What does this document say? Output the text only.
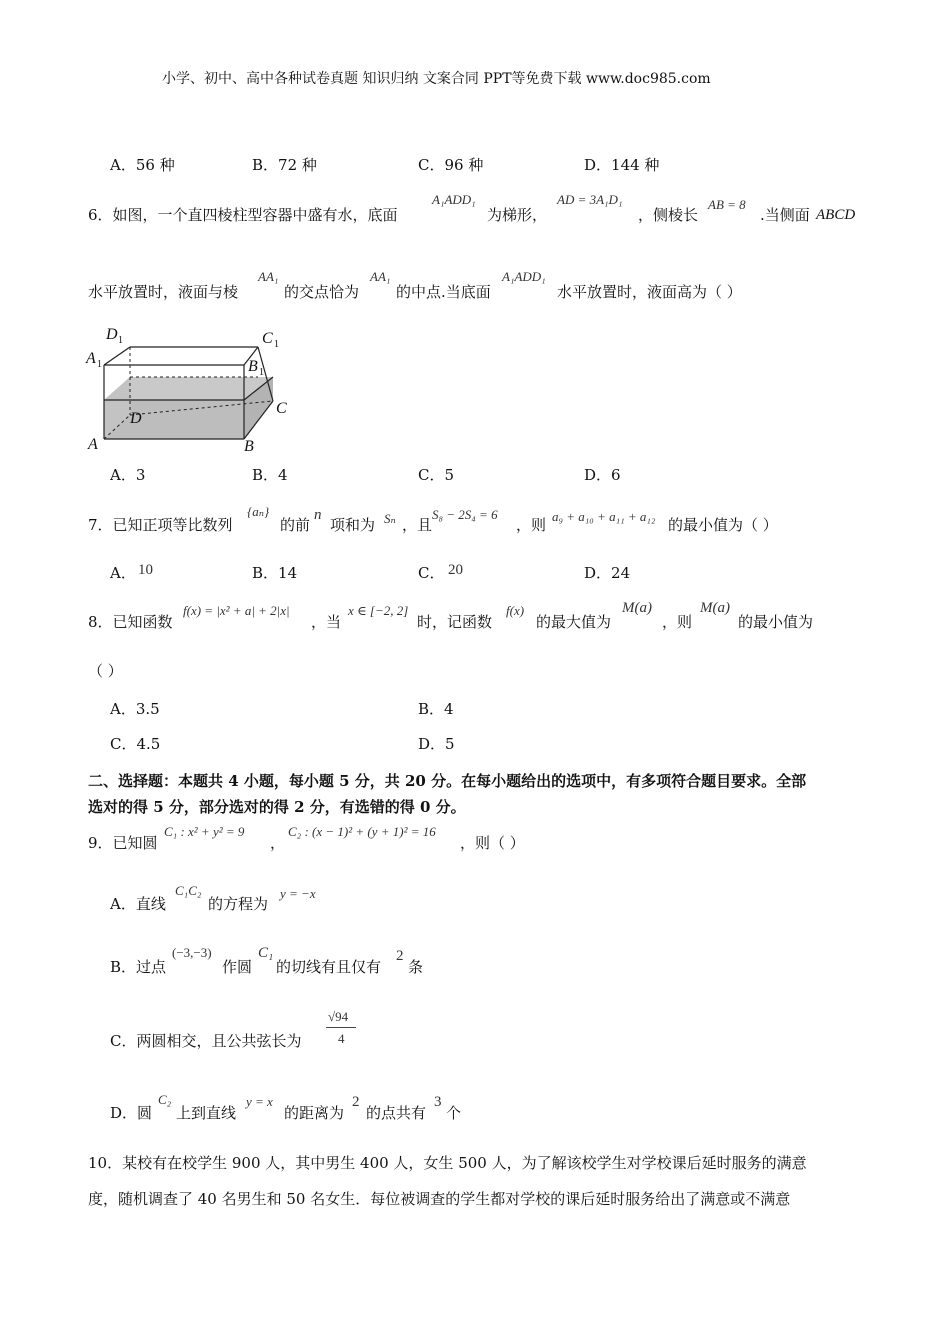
小学、初中、高中各种试卷真题 知识归纳 文案合同 PPT等免费下载 www.doc985.com
A．56 种	B．72 种	C．96 种	D．144 种
6．如图，一个直四棱柱型容器中盛有水，底面
A₁ADD₁
为梯形，
AD = 3A₁D₁
，侧棱长
AB = 8
.当侧面 ABCD
水平放置时，液面与棱
AA₁
的交点恰为
AA₁
的中点.当底面
A₁ADD₁
水平放置时，液面高为（ ）
D 1	C 1
A 1	B 1
D
C
A	B
A．3	B．4	C．5	D．6
7．已知正项等比数列
{aₙ}
的前
n
项和为 Sₙ ，且
S₈ − 2S₄ = 6
，则 a₉ + a₁₀ + a₁₁ + a₁₂ 的最小值为（ ）
A． 10	B．14	C． 20	D．24
8．已知函数
f(x) = |x² + a| + 2|x|
，当
x ∈ [−2, 2]
时，记函数
f(x)
的最大值为
M(a)
，则
M(a)
的最小值为
（ ）
A．3.5	B．4
C．4.5	D．5
二、选择题：本题共 4 小题，每小题 5 分，共 20 分。在每小题给出的选项中，有多项符合题目要求。全部
选对的得 5 分，部分选对的得 2 分，有选错的得 0 分。
9．已知圆
C₁ : x² + y² = 9
，
C₂ : (x − 1)² + (y + 1)² = 16
，则（ ）
A．直线
C₁C₂
的方程为
y = −x
B．过点
(−3,−3)
作圆
C₁
的切线有且仅有
2
条
C．两圆相交，且公共弦长为
√94
4
D．圆
C₂
上到直线
y = x
的距离为
2
的点共有
3
个
10．某校有在校学生 900 人，其中男生 400 人，女生 500 人，为了解该校学生对学校课后延时服务的满意
度，随机调查了 40 名男生和 50 名女生．每位被调查的学生都对学校的课后延时服务给出了满意或不满意
